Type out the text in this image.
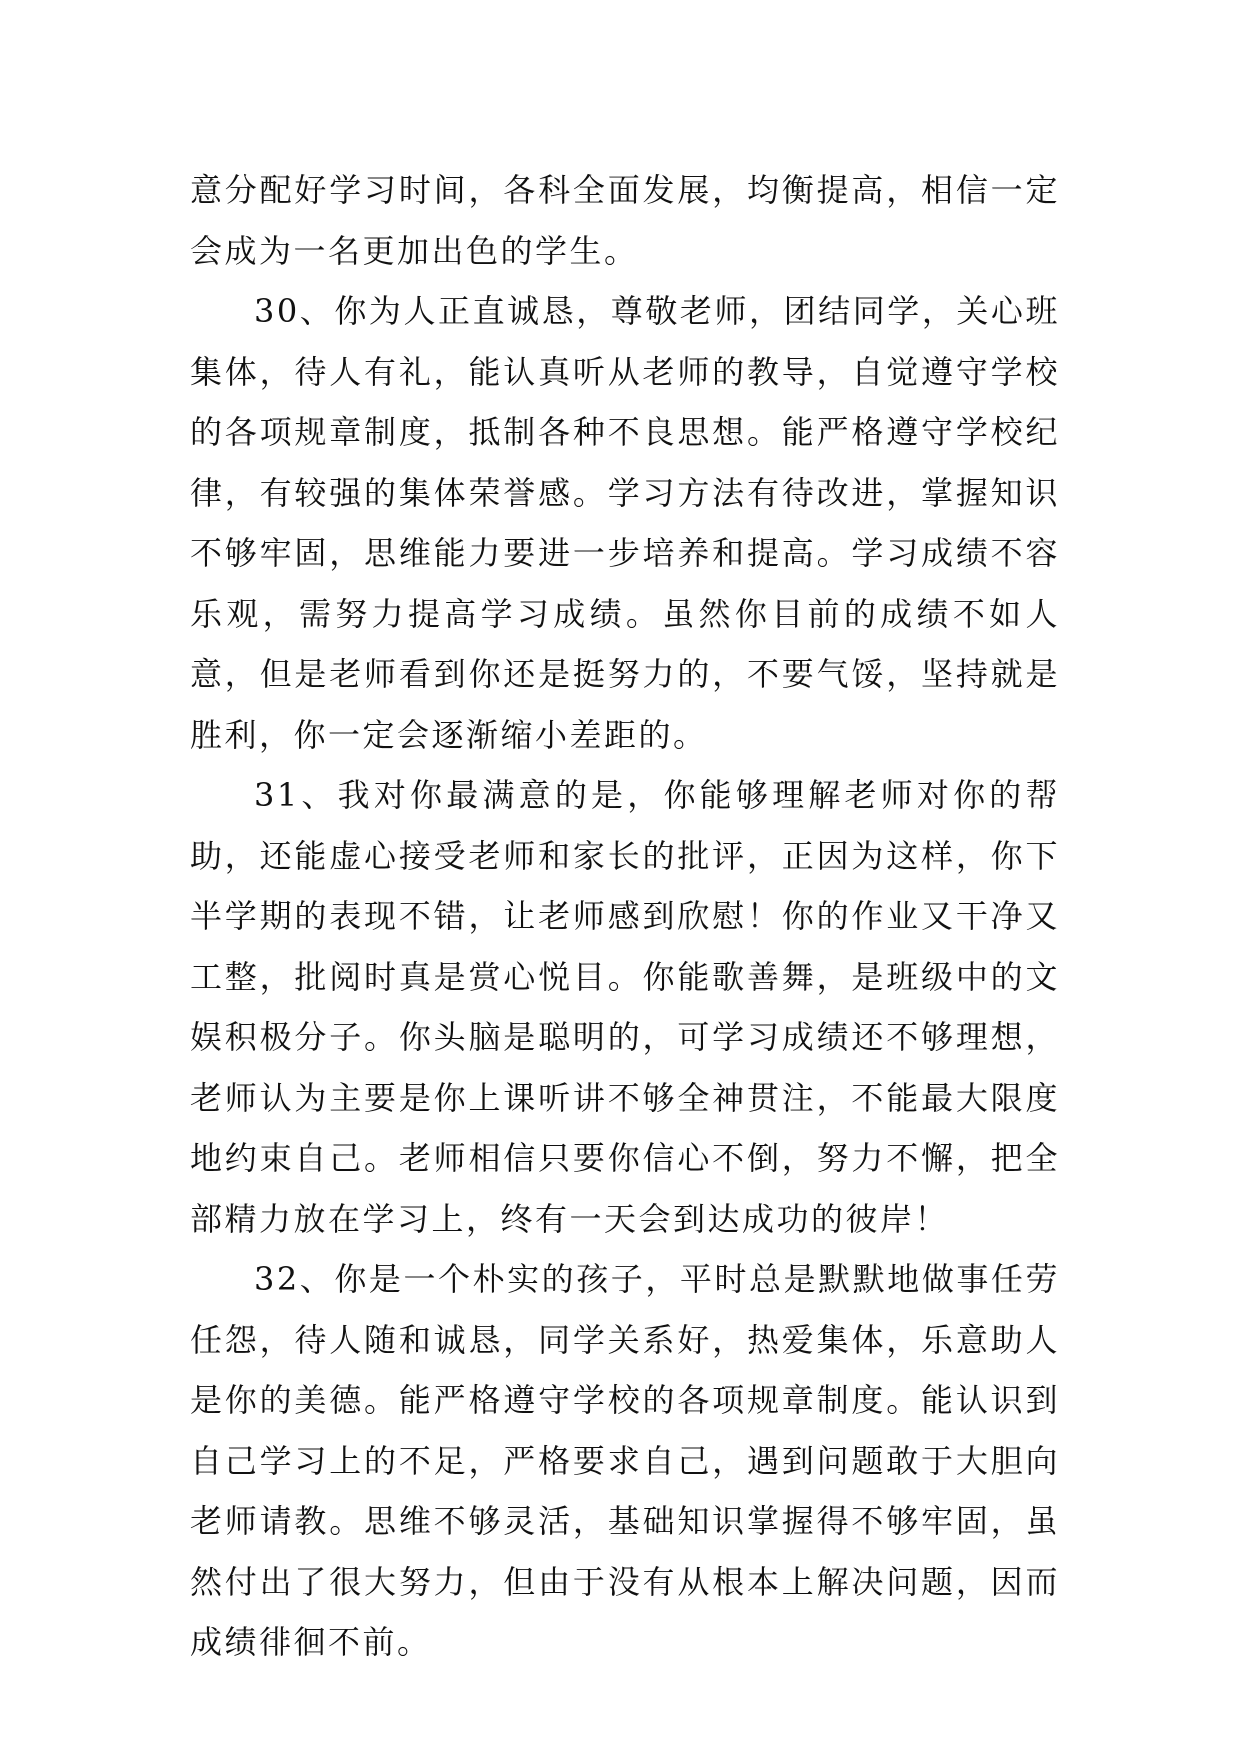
意分配好学习时间，各科全面发展，均衡提高，相信一定会成为一名更加出色的学生。

30、你为人正直诚恳，尊敬老师，团结同学，关心班集体，待人有礼，能认真听从老师的教导，自觉遵守学校的各项规章制度，抵制各种不良思想。能严格遵守学校纪律，有较强的集体荣誉感。学习方法有待改进，掌握知识不够牢固，思维能力要进一步培养和提高。学习成绩不容乐观，需努力提高学习成绩。虽然你目前的成绩不如人意，但是老师看到你还是挺努力的，不要气馁，坚持就是胜利，你一定会逐渐缩小差距的。

31、我对你最满意的是，你能够理解老师对你的帮助，还能虚心接受老师和家长的批评，正因为这样，你下半学期的表现不错，让老师感到欣慰！你的作业又干净又工整，批阅时真是赏心悦目。你能歌善舞，是班级中的文娱积极分子。你头脑是聪明的，可学习成绩还不够理想，老师认为主要是你上课听讲不够全神贯注，不能最大限度地约束自己。老师相信只要你信心不倒，努力不懈，把全部精力放在学习上，终有一天会到达成功的彼岸！

32、你是一个朴实的孩子，平时总是默默地做事任劳任怨，待人随和诚恳，同学关系好，热爱集体，乐意助人是你的美德。能严格遵守学校的各项规章制度。能认识到自己学习上的不足，严格要求自己，遇到问题敢于大胆向老师请教。思维不够灵活，基础知识掌握得不够牢固，虽然付出了很大努力，但由于没有从根本上解决问题，因而成绩徘徊不前。
